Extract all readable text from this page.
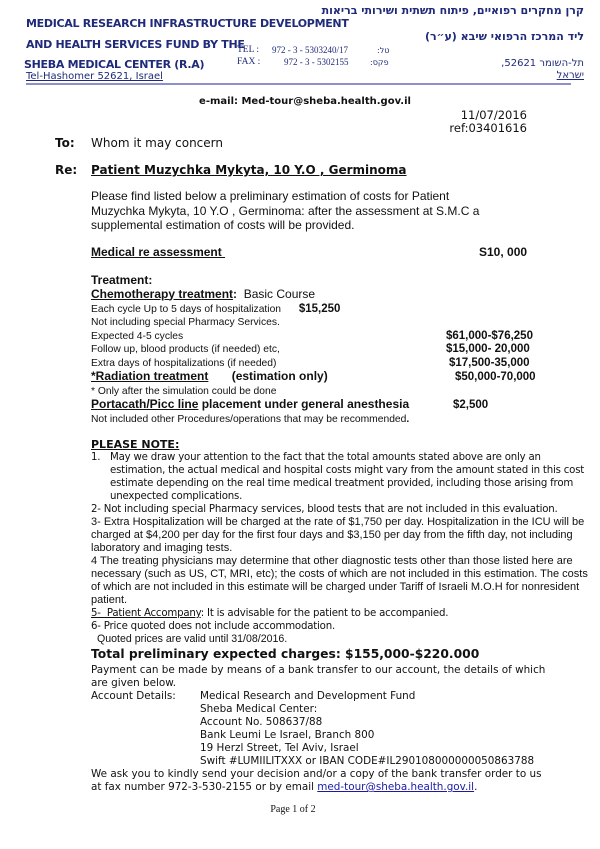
MEDICAL RESEARCH INFRASTRUCTURE DEVELOPMENT
AND HEALTH SERVICES FUND BY THE
SHEBA MEDICAL CENTER (R.A)
Tel-Hashomer 52621, Israel
קרן מחקרים רפואיים, פיתוח תשתית ושירותי בריאות
ליד המרכז הרפואי שיבא (ע״ר)
תל-השומר 52621,
ישראל
TEL : 972 - 3 - 5303240/17	טל:
FAX :	972 - 3 - 5302155	פקס:
e-mail: Med-tour@sheba.health.gov.il
11/07/2016
ref:03401616
To:	Whom it may concern
Re:	Patient Muzychka Mykyta, 10 Y.O , Germinoma
Please find listed below a preliminary estimation of costs for Patient Muzychka Mykyta, 10 Y.O , Germinoma: after the assessment at S.M.C a supplemental estimation of costs will be provided.
Medical re assessment	S10, 000
Treatment:
Chemotherapy treatment: Basic Course
Each cycle Up to 5 days of hospitalization $15,250
Not including special Pharmacy Services.
Expected 4-5 cycles	$61,000-$76,250
Follow up, blood products (if needed) etc,	$15,000- 20,000
Extra days of hospitalizations (if needed)	$17,500-35,000
*Radiation treatment (estimation only)	$50,000-70,000
* Only after the simulation could be done
Portacath/Picc line placement under general anesthesia	$2,500
Not included other Procedures/operations that may be recommended.
PLEASE NOTE:
1. May we draw your attention to the fact that the total amounts stated above are only an estimation, the actual medical and hospital costs might vary from the amount stated in this cost estimate depending on the real time medical treatment provided, including those arising from unexpected complications.
2- Not including special Pharmacy services, blood tests that are not included in this evaluation.
3- Extra Hospitalization will be charged at the rate of $1,750 per day. Hospitalization in the ICU will be charged at $4,200 per day for the first four days and $3,150 per day from the fifth day, not including laboratory and imaging tests.
4 The treating physicians may determine that other diagnostic tests other than those listed here are necessary (such as US, CT, MRI, etc); the costs of which are not included in this estimation. The costs of which are not included in this estimate will be charged under Tariff of Israeli M.O.H for nonresident patient.
5-  Patient Accompany: It is advisable for the patient to be accompanied.
6- Price quoted does not include accommodation.
Quoted prices are valid until 31/08/2016.
Total preliminary expected charges: $155,000-$220.000
Payment can be made by means of a bank transfer to our account, the details of which are given below.
Account Details:	Medical Research and Development Fund
Sheba Medical Center:
Account No. 508637/88
Bank Leumi Le Israel, Branch 800
19 Herzl Street, Tel Aviv, Israel
Swift #LUMIILITXXX or IBAN CODE#IL290108000000050863788
We ask you to kindly send your decision and/or a copy of the bank transfer order to us
at fax number 972-3-530-2155 or by email med-tour@sheba.health.gov.il.
Page 1 of 2
